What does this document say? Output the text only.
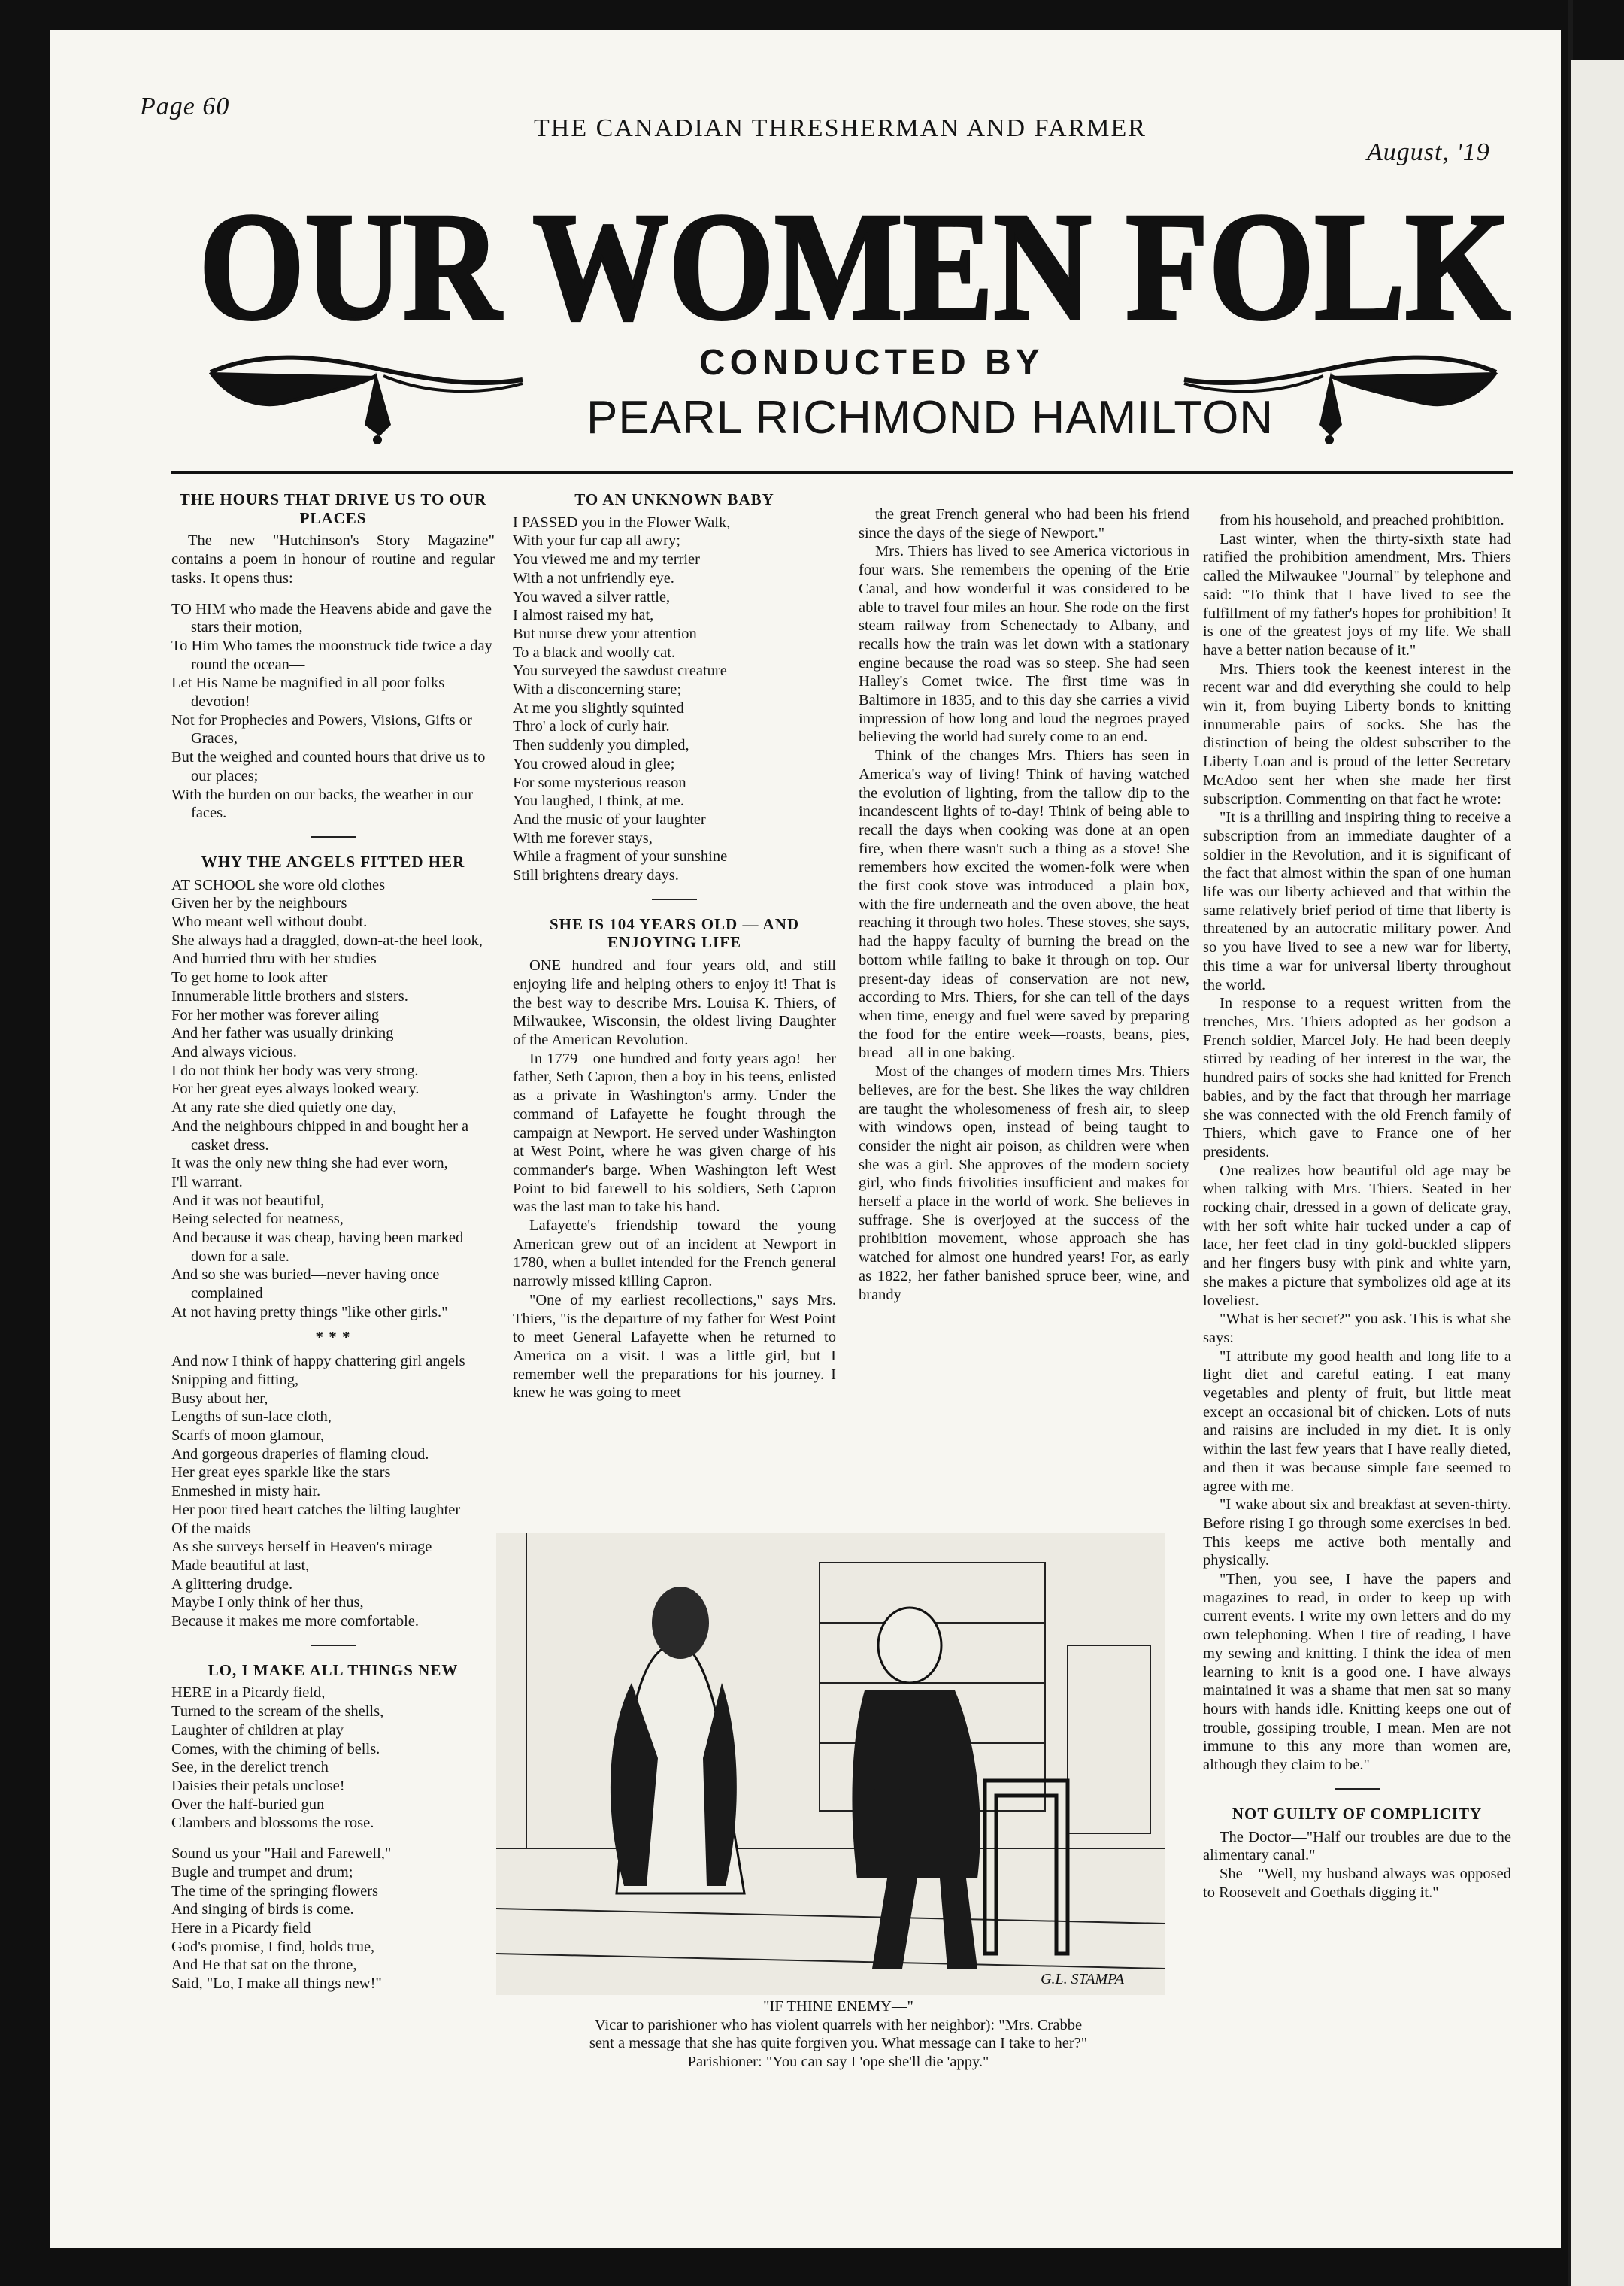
Page 60
THE CANADIAN THRESHERMAN AND FARMER
August, '19
OUR WOMEN FOLK
CONDUCTED BY
PEARL RICHMOND HAMILTON
THE HOURS THAT DRIVE US TO OUR PLACES

The new "Hutchinson's Story Magazine" contains a poem in honour of routine and regular tasks. It opens thus:

TO HIM who made the Heavens abide and gave the stars their motion,
To Him Who tames the moonstruck tide twice a day round the ocean—
Let His Name be magnified in all poor folks devotion!
Not for Prophecies and Powers, Visions, Gifts or Graces,
But the weighed and counted hours that drive us to our places;
With the burden on our backs, the weather in our faces.
WHY THE ANGELS FITTED HER
AT SCHOOL she wore old clothes
Given her by the neighbours
Who meant well without doubt.
She always had a draggled, down-at-the heel look,
And hurried thru with her studies
To get home to look after
Innumerable little brothers and sisters.
For her mother was forever ailing
And her father was usually drinking
And always vicious.
I do not think her body was very strong.
For her great eyes always looked weary.
At any rate she died quietly one day,
And the neighbours chipped in and bought her a casket dress.
It was the only new thing she had ever worn,
I'll warrant.
And it was not beautiful,
Being selected for neatness,
And because it was cheap, having been marked down for a sale.
And so she was buried—never having once complained
At not having pretty things "like other girls."
* * *
And now I think of happy chattering girl angels
Snipping and fitting,
Busy about her,
Lengths of sun-lace cloth,
Scarfs of moon glamour,
And gorgeous draperies of flaming cloud.
Her great eyes sparkle like the stars
Enmeshed in misty hair.
Her poor tired heart catches the lilting laughter
Of the maids
As she surveys herself in Heaven's mirage
Made beautiful at last,
A glittering drudge.
Maybe I only think of her thus,
Because it makes me more comfortable.
LO, I MAKE ALL THINGS NEW
HERE in a Picardy field,
Turned to the scream of the shells,
Laughter of children at play
Comes, with the chiming of bells.
See, in the derelict trench
Daisies their petals unclose!
Over the half-buried gun
Clambers and blossoms the rose.
Sound us your "Hail and Farewell,"
Bugle and trumpet and drum;
The time of the springing flowers
And singing of birds is come.
Here in a Picardy field
God's promise, I find, holds true,
And He that sat on the throne,
Said, "Lo, I make all things new!"
TO AN UNKNOWN BABY
I PASSED you in the Flower Walk,
With your fur cap all awry;
You viewed me and my terrier
With a not unfriendly eye.
You waved a silver rattle,
I almost raised my hat,
But nurse drew your attention
To a black and woolly cat.
You surveyed the sawdust creature
With a disconcerning stare;
At me you slightly squinted
Thro' a lock of curly hair.
Then suddenly you dimpled,
You crowed aloud in glee;
For some mysterious reason
You laughed, I think, at me.
And the music of your laughter
With me forever stays,
While a fragment of your sunshine
Still brightens dreary days.
SHE IS 104 YEARS OLD — AND ENJOYING LIFE

ONE hundred and four years old, and still enjoying life and helping others to enjoy it! That is the best way to describe Mrs. Louisa K. Thiers, of Milwaukee, Wisconsin, the oldest living Daughter of the American Revolution.

In 1779—one hundred and forty years ago!—her father, Seth Capron, then a boy in his teens, enlisted as a private in Washington's army. Under the command of Lafayette he fought through the campaign at Newport. He served under Washington at West Point, where he was given charge of his commander's barge. When Washington left West Point to bid farewell to his soldiers, Seth Capron was the last man to take his hand.

Lafayette's friendship toward the young American grew out of an incident at Newport in 1780, when a bullet intended for the French general narrowly missed killing Capron.

"One of my earliest recollections," says Mrs. Thiers, "is the departure of my father for West Point to meet General Lafayette when he returned to America on a visit. I was a little girl, but I remember well the preparations for his journey. I knew he was going to meet

the great French general who had been his friend since the days of the siege of Newport."

Mrs. Thiers has lived to see America victorious in four wars. She remembers the opening of the Erie Canal, and how wonderful it was considered to be able to travel four miles an hour. She rode on the first steam railway from Schenectady to Albany, and recalls how the train was let down with a stationary engine because the road was so steep. She had seen Halley's Comet twice. The first time was in Baltimore in 1835, and to this day she carries a vivid impression of how long and loud the negroes prayed believing the world had surely come to an end.

Think of the changes Mrs. Thiers has seen in America's way of living! Think of having watched the evolution of lighting, from the tallow dip to the incandescent lights of to-day! Think of being able to recall the days when cooking was done at an open fire, when there wasn't such a thing as a stove! She remembers how excited the women-folk were when the first cook stove was introduced—a plain box, with the fire underneath and the oven above, the heat reaching it through two holes. These stoves, she says, had the happy faculty of burning the bread on the bottom while failing to bake it through on top. Our present-day ideas of conservation are not new, according to Mrs. Thiers, for she can tell of the days when time, energy and fuel were saved by preparing the food for the entire week—roasts, beans, pies, bread—all in one baking.

Most of the changes of modern times Mrs. Thiers believes, are for the best. She likes the way children are taught the wholesomeness of fresh air, to sleep with windows open, instead of being taught to consider the night air poison, as children were when she was a girl. She approves of the modern society girl, who finds frivolities insufficient and makes for herself a place in the world of work. She believes in suffrage. She is overjoyed at the success of the prohibition movement, whose approach she has watched for almost one hundred years! For, as early as 1822, her father banished spruce beer, wine, and brandy

from his household, and preached prohibition.

Last winter, when the thirty-sixth state had ratified the prohibition amendment, Mrs. Thiers called the Milwaukee "Journal" by telephone and said: "To think that I have lived to see the fulfillment of my father's hopes for prohibition! It is one of the greatest joys of my life. We shall have a better nation because of it."

Mrs. Thiers took the keenest interest in the recent war and did everything she could to help win it, from buying Liberty bonds to knitting innumerable pairs of socks. She has the distinction of being the oldest subscriber to the Liberty Loan and is proud of the letter Secretary McAdoo sent her when she made her first subscription. Commenting on that fact he wrote:

"It is a thrilling and inspiring thing to receive a subscription from an immediate daughter of a soldier in the Revolution, and it is significant of the fact that almost within the span of one human life was our liberty achieved and that within the same relatively brief period of time that liberty is threatened by an autocratic military power. And so you have lived to see a new war for liberty, this time a war for universal liberty throughout the world.

In response to a request written from the trenches, Mrs. Thiers adopted as her godson a French soldier, Marcel Joly. He had been deeply stirred by reading of her interest in the war, the hundred pairs of socks she had knitted for French babies, and by the fact that through her marriage she was connected with the old French family of Thiers, which gave to France one of her presidents.

One realizes how beautiful old age may be when talking with Mrs. Thiers. Seated in her rocking chair, dressed in a gown of delicate gray, with her soft white hair tucked under a cap of lace, her feet clad in tiny gold-buckled slippers and her fingers busy with pink and white yarn, she makes a picture that symbolizes old age at its loveliest.

"What is her secret?" you ask. This is what she says:

"I attribute my good health and long life to a light diet and careful eating. I eat many vegetables and plenty of fruit, but little meat except an occasional bit of chicken. Lots of nuts and raisins are included in my diet. It is only within the last few years that I have really dieted, and then it was because simple fare seemed to agree with me.

"I wake about six and breakfast at seven-thirty. Before rising I go through some exercises in bed. This keeps me active both mentally and physically.

"Then, you see, I have the papers and magazines to read, in order to keep up with current events. I write my own letters and do my own telephoning. When I tire of reading, I have my sewing and knitting. I think the idea of men learning to knit is a good one. I have always maintained it was a shame that men sat so many hours with hands idle. Knitting keeps one out of trouble, gossiping trouble, I mean. Men are not immune to this any more than women are, although they claim to be."

NOT GUILTY OF COMPLICITY

The Doctor—"Half our troubles are due to the alimentary canal."

She—"Well, my husband always was opposed to Roosevelt and Goethals digging it."

G.L. STAMPA
"IF THINE ENEMY—"
Vicar to parishioner who has violent quarrels with her neighbor): "Mrs. Crabbe
sent a message that she has quite forgiven you. What message can I take to her?"
Parishioner: "You can say I 'ope she'll die 'appy."
